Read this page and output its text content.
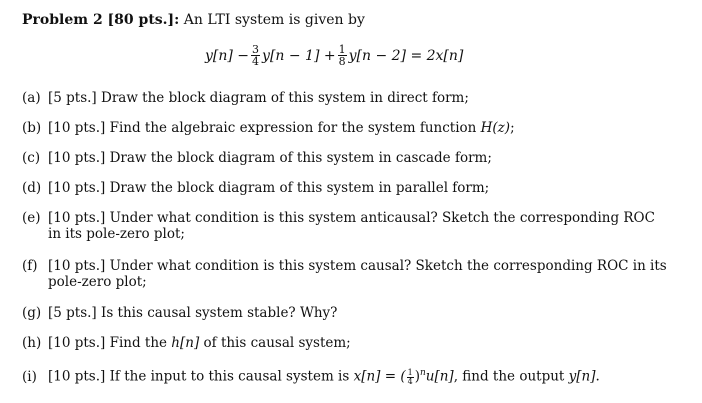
Problem 2 [80 pts.]: An LTI system is given by
$y[n] - \frac{3}{4} y[n - 1] + \frac{1}{8} y[n - 2] = 2x[n]$
(a) [5 pts.] Draw the block diagram of this system in direct form;
(b) [10 pts.] Find the algebraic expression for the system function H(z);
(c) [10 pts.] Draw the block diagram of this system in cascade form;
(d) [10 pts.] Draw the block diagram of this system in parallel form;
(e) [10 pts.] Under what condition is this system anticausal? Sketch the corresponding ROC
in its pole-zero plot;
(f) [10 pts.] Under what condition is this system causal? Sketch the corresponding ROC in its
pole-zero plot;
(g) [5 pts.] Is this causal system stable? Why?
(h) [10 pts.] Find the h[n] of this causal system;
(i) [10 pts.] If the input to this causal system is x[n] = ( $\frac{1}{4} )^nu[n]$, find the output y[n].
